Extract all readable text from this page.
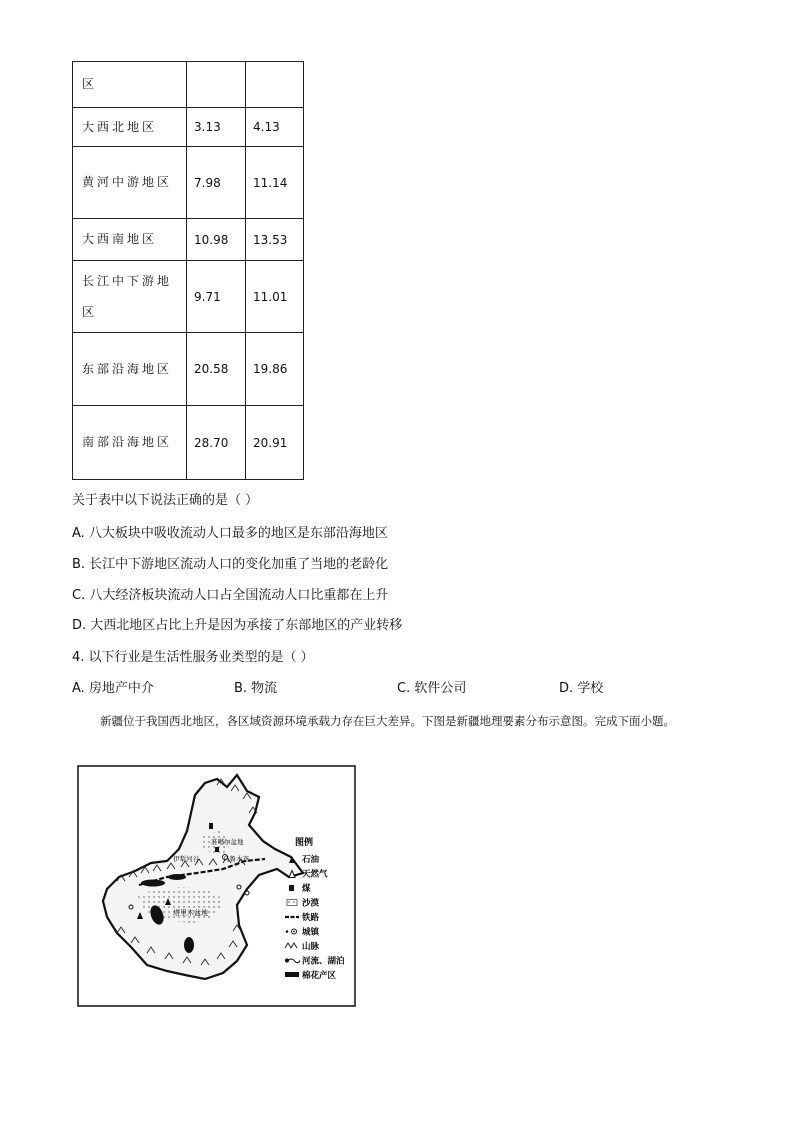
区		
大西北地区	3.13	4.13
黄河中游地区	7.98	11.14
大西南地区	10.98	13.53
长江中下游地区	9.71	11.01
东部沿海地区	20.58	19.86
南部沿海地区	28.70	20.91
关于表中以下说法正确的是（ ）
A. 八大板块中吸收流动人口最多的地区是东部沿海地区
B. 长江中下游地区流动人口的变化加重了当地的老龄化
C. 八大经济板块流动人口占全国流动人口比重都在上升
D. 大西北地区占比上升是因为承接了东部地区的产业转移
4. 以下行业是生活性服务业类型的是（ ）
A. 房地产中介	B. 物流	C. 软件公司	D. 学校
新疆位于我国西北地区，各区域资源环境承载力存在巨大差异。下图是新疆地理要素分布示意图。完成下面小题。
准噶尔盆地
伊犁河谷	乌鲁木齐
塔里木盆地
图例
石油
天然气
煤
沙漠
铁路
城镇
山脉
河流、湖泊
棉花产区
